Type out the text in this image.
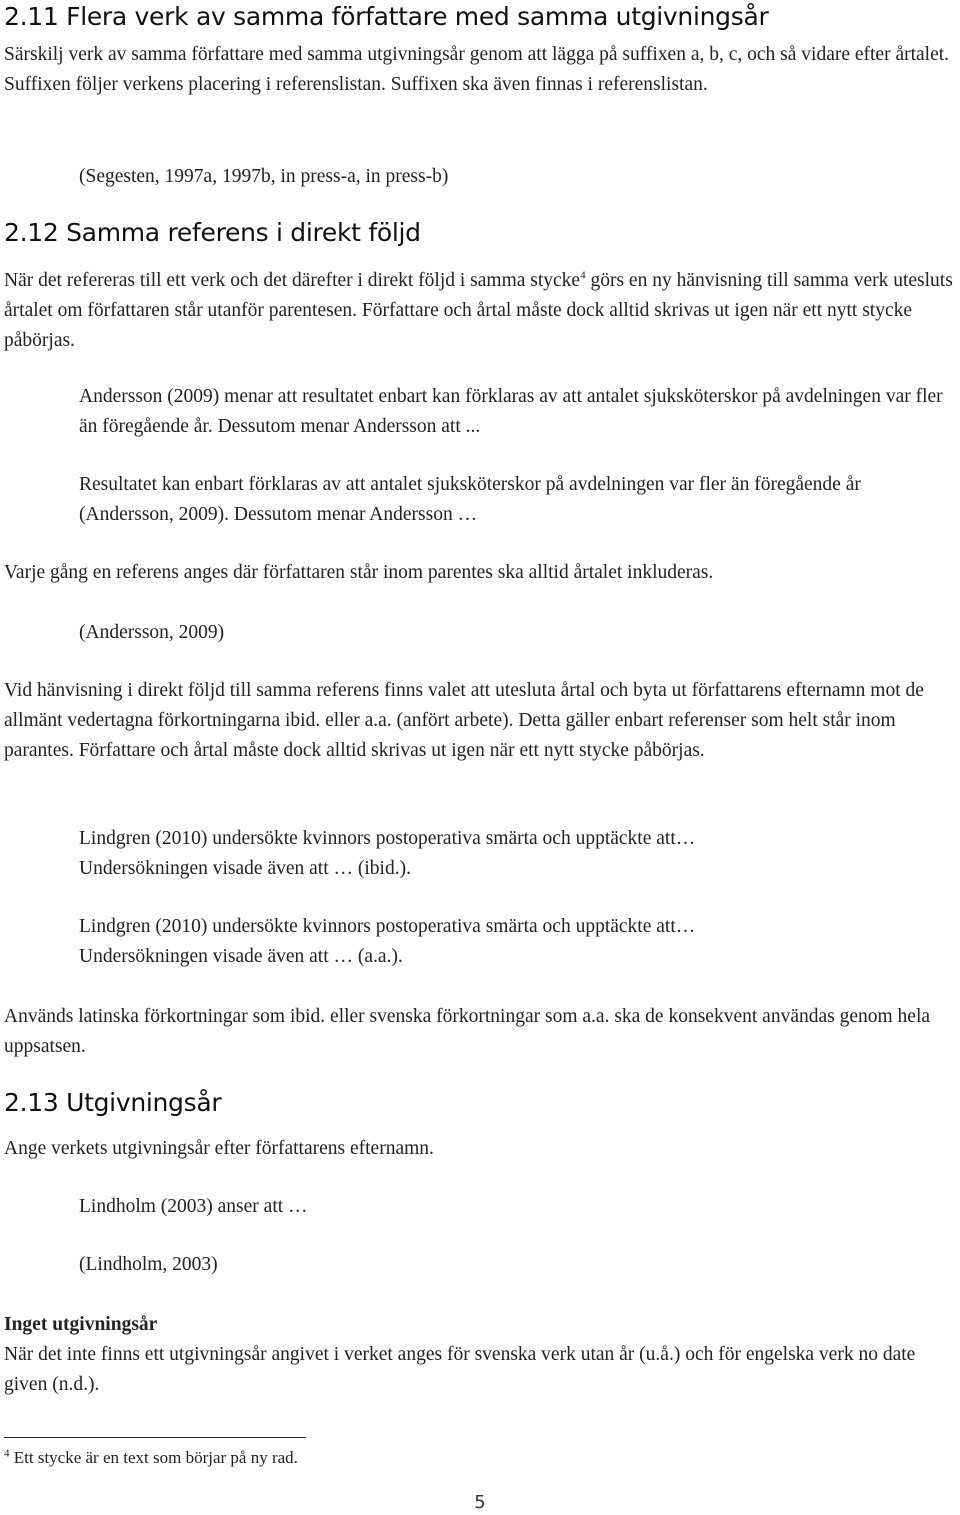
2.11 Flera verk av samma författare med samma utgivningsår

Särskilj verk av samma författare med samma utgivningsår genom att lägga på suffixen a, b, c, och så vidare efter årtalet. Suffixen följer verkens placering i referenslistan. Suffixen ska även finnas i referenslistan.

(Segesten, 1997a, 1997b, in press-a, in press-b)

2.12 Samma referens i direkt följd

När det refereras till ett verk och det därefter i direkt följd i samma stycke$^4$ görs en ny hänvisning till samma verk utesluts årtalet om författaren står utanför parentesen. Författare och årtal måste dock alltid skrivas ut igen när ett nytt stycke påbörjas.

Andersson (2009) menar att resultatet enbart kan förklaras av att antalet sjuksköterskor på avdelningen var fler än föregående år. Dessutom menar Andersson att ...

Resultatet kan enbart förklaras av att antalet sjuksköterskor på avdelningen var fler än föregående år (Andersson, 2009). Dessutom menar Andersson …

Varje gång en referens anges där författaren står inom parentes ska alltid årtalet inkluderas.

(Andersson, 2009)

Vid hänvisning i direkt följd till samma referens finns valet att utesluta årtal och byta ut författarens efternamn mot de allmänt vedertagna förkortningarna ibid. eller a.a. (anfört arbete). Detta gäller enbart referenser som helt står inom parantes. Författare och årtal måste dock alltid skrivas ut igen när ett nytt stycke påbörjas.

Lindgren (2010) undersökte kvinnors postoperativa smärta och upptäckte att…
Undersökningen visade även att … (ibid.).
Lindgren (2010) undersökte kvinnors postoperativa smärta och upptäckte att…
Undersökningen visade även att … (a.a.).

Används latinska förkortningar som ibid. eller svenska förkortningar som a.a. ska de konsekvent användas genom hela uppsatsen.

2.13 Utgivningsår

Ange verkets utgivningsår efter författarens efternamn.

Lindholm (2003) anser att …

(Lindholm, 2003)

Inget utgivningsår

När det inte finns ett utgivningsår angivet i verket anges för svenska verk utan år (u.å.) och för engelska verk no date given (n.d.).

$^4$ Ett stycke är en text som börjar på ny rad.

5
